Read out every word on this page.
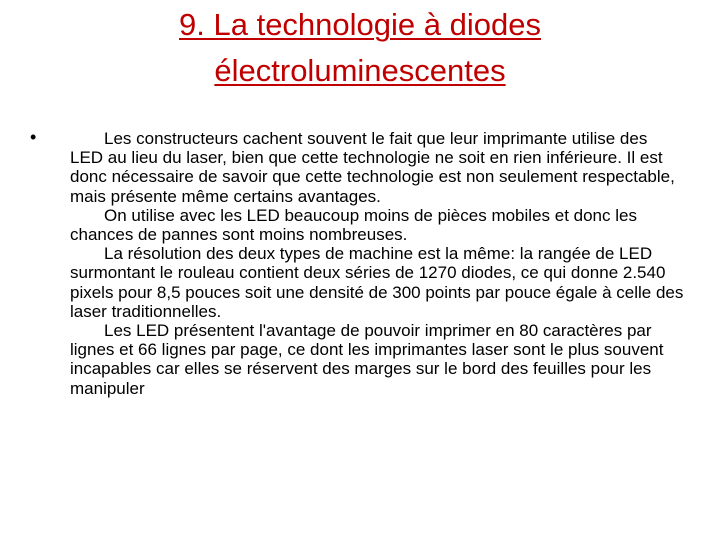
9. La technologie à diodes
électroluminescentes
•	Les constructeurs cachent souvent le fait que leur imprimante utilise des LED au lieu du laser, bien que cette technologie ne soit en rien inférieure. Il est donc nécessaire de savoir que cette technologie est non seulement respectable, mais présente même certains avantages.

On utilise avec les LED beaucoup moins de pièces mobiles et donc les chances de pannes sont moins nombreuses.

La résolution des deux types de machine est la même: la rangée de LED surmontant le rouleau contient deux séries de 1270 diodes, ce qui donne 2.540 pixels pour 8,5 pouces soit une densité de 300 points par pouce égale à celle des laser traditionnelles.

Les LED présentent l'avantage de pouvoir imprimer en 80 caractères par lignes et 66 lignes par page, ce dont les imprimantes laser sont le plus souvent incapables car elles se réservent des marges sur le bord des feuilles pour les manipuler
